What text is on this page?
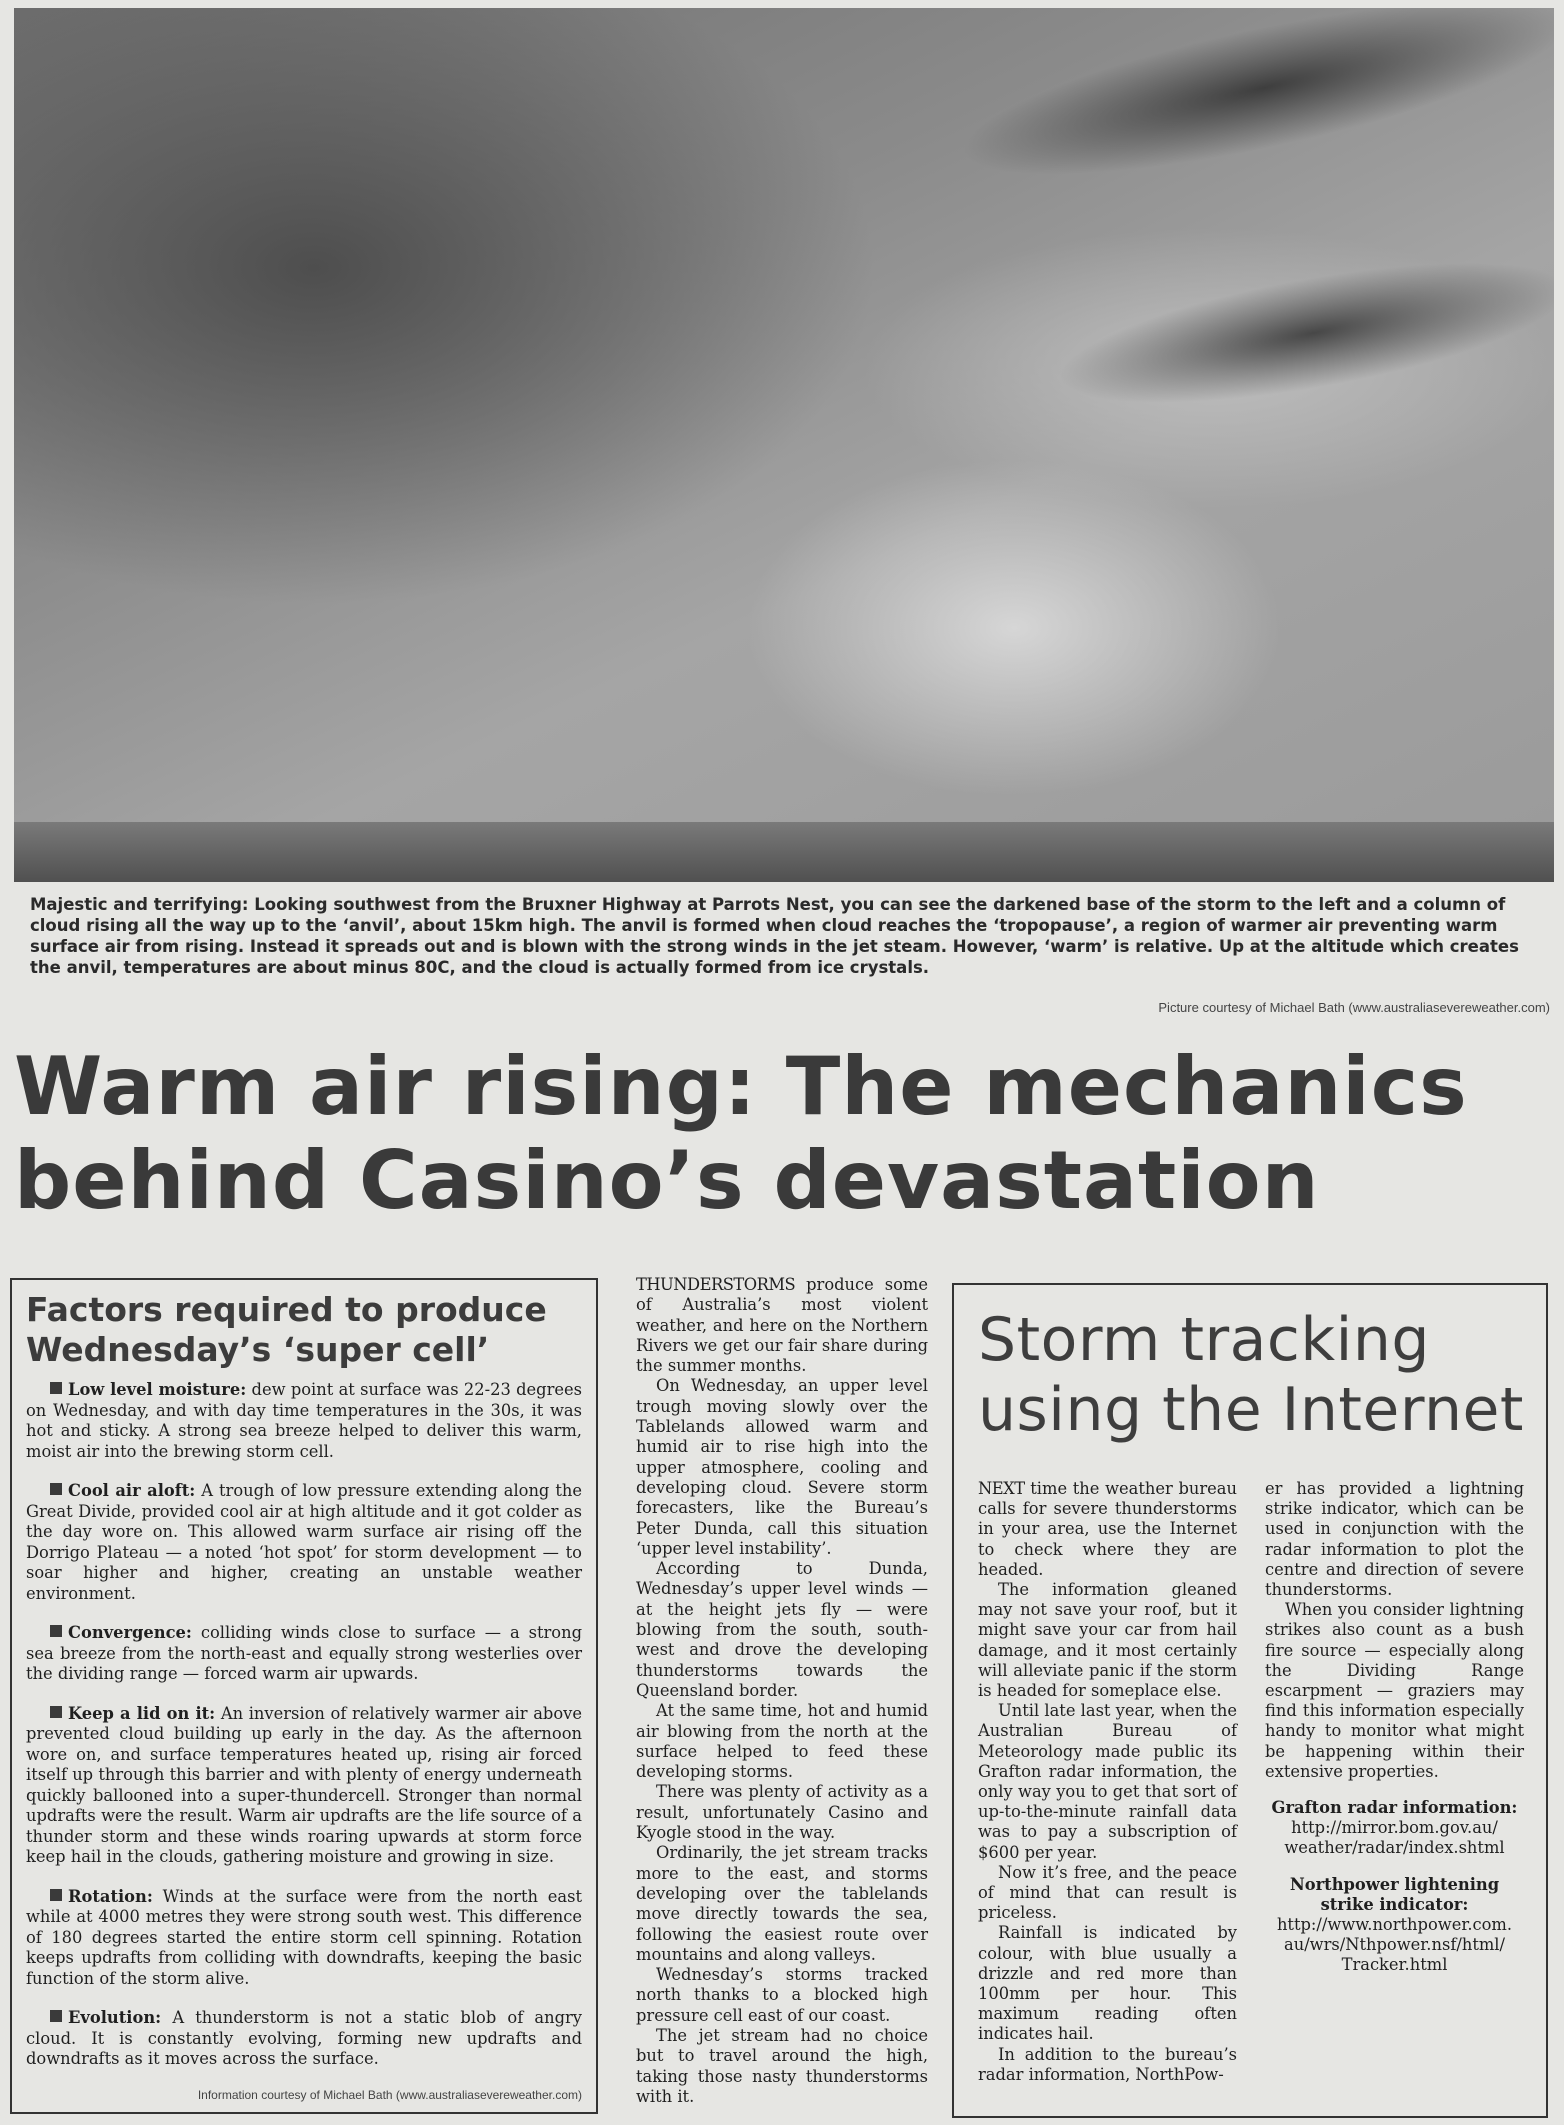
Majestic and terrifying: Looking southwest from the Bruxner Highway at Parrots Nest, you can see the darkened base of the storm to the left and a column of cloud rising all the way up to the ‘anvil’, about 15km high. The anvil is formed when cloud reaches the ‘tropopause’, a region of warmer air preventing warm surface air from rising. Instead it spreads out and is blown with the strong winds in the jet steam. However, ‘warm’ is relative. Up at the altitude which creates the anvil, temperatures are about minus 80C, and the cloud is actually formed from ice crystals.

Picture courtesy of Michael Bath (www.australiasevereweather.com)
Warm air rising: The mechanics behind Casino’s devastation
Factors required to produce Wednesday’s ‘super cell’

Low level moisture: dew point at surface was 22-23 degrees on Wednesday, and with day time temperatures in the 30s, it was hot and sticky. A strong sea breeze helped to deliver this warm, moist air into the brewing storm cell.

Cool air aloft: A trough of low pressure extending along the Great Divide, provided cool air at high altitude and it got colder as the day wore on. This allowed warm surface air rising off the Dorrigo Plateau — a noted ‘hot spot’ for storm development — to soar higher and higher, creating an unstable weather environment.

Convergence: colliding winds close to surface — a strong sea breeze from the north-east and equally strong westerlies over the dividing range — forced warm air upwards.

Keep a lid on it: An inversion of relatively warmer air above prevented cloud building up early in the day. As the afternoon wore on, and surface temperatures heated up, rising air forced itself up through this barrier and with plenty of energy underneath quickly ballooned into a super-thundercell. Stronger than normal updrafts were the result. Warm air updrafts are the life source of a thunder storm and these winds roaring upwards at storm force keep hail in the clouds, gathering moisture and growing in size.

Rotation: Winds at the surface were from the north east while at 4000 metres they were strong south west. This difference of 180 degrees started the entire storm cell spinning. Rotation keeps updrafts from colliding with downdrafts, keeping the basic function of the storm alive.

Evolution: A thunderstorm is not a static blob of angry cloud. It is constantly evolving, forming new updrafts and downdrafts as it moves across the surface.

Information courtesy of Michael Bath (www.australiasevereweather.com)

THUNDERSTORMS produce some of Australia’s most violent weather, and here on the Northern Rivers we get our fair share during the summer months.

On Wednesday, an upper level trough moving slowly over the Tablelands allowed warm and humid air to rise high into the upper atmosphere, cooling and developing cloud. Severe storm forecasters, like the Bureau’s Peter Dunda, call this situation ‘upper level instability’.

According to Dunda, Wednesday’s upper level winds — at the height jets fly — were blowing from the south, south-west and drove the developing thunderstorms towards the Queensland border.

At the same time, hot and humid air blowing from the north at the surface helped to feed these developing storms.

There was plenty of activity as a result, unfortunately Casino and Kyogle stood in the way.

Ordinarily, the jet stream tracks more to the east, and storms developing over the tablelands move directly towards the sea, following the easiest route over mountains and along valleys.

Wednesday’s storms tracked north thanks to a blocked high pressure cell east of our coast.

The jet stream had no choice but to travel around the high, taking those nasty thunderstorms with it.

Storm tracking using the Internet

NEXT time the weather bureau calls for severe thunderstorms in your area, use the Internet to check where they are headed.

The information gleaned may not save your roof, but it might save your car from hail damage, and it most certainly will alleviate panic if the storm is headed for someplace else.

Until late last year, when the Australian Bureau of Meteorology made public its Grafton radar information, the only way you to get that sort of up-to-the-minute rainfall data was to pay a subscription of $600 per year.

Now it’s free, and the peace of mind that can result is priceless.

Rainfall is indicated by colour, with blue usually a drizzle and red more than 100mm per hour. This maximum reading often indicates hail.

In addition to the bureau’s radar information, NorthPow-

er has provided a lightning strike indicator, which can be used in conjunction with the radar information to plot the centre and direction of severe thunderstorms.

When you consider lightning strikes also count as a bush fire source — especially along the Dividing Range escarpment — graziers may find this information especially handy to monitor what might be happening within their extensive properties.

Grafton radar information:
http://mirror.bom.gov.au/ weather/radar/index.shtml
Northpower lightening strike indicator:
http://www.northpower.com. au/wrs/Nthpower.nsf/html/ Tracker.html
